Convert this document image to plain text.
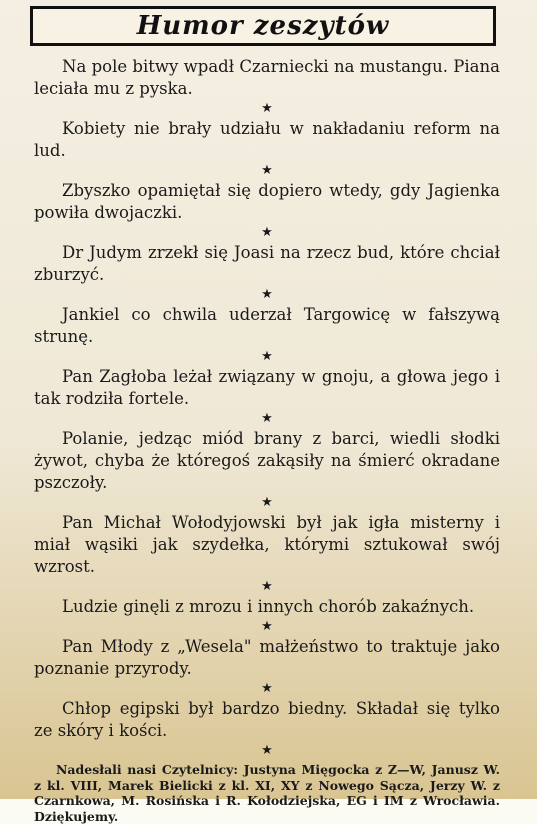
Humor zeszytów

Na pole bitwy wpadł Czarniecki na mustangu. Piana leciała mu z pyska.

★

Kobiety nie brały udziału w nakładaniu reform na lud.

★

Zbyszko opamiętał się dopiero wtedy, gdy Jagienka powiła dwojaczki.

★

Dr Judym zrzekł się Joasi na rzecz bud, które chciał zburzyć.

★

Jankiel co chwila uderzał Targowicę w fałszywą strunę.

★

Pan Zagłoba leżał związany w gnoju, a głowa jego i tak rodziła fortele.

★

Polanie, jedząc miód brany z barci, wiedli słodki żywot, chyba że któregoś zakąsiły na śmierć okradane pszczoły.

★

Pan Michał Wołodyjowski był jak igła misterny i miał wąsiki jak szydełka, którymi sztukował swój wzrost.

★

Ludzie ginęli z mrozu i innych chorób zakaźnych.

★

Pan Młody z „Wesela" małżeństwo to traktuje jako poznanie przyrody.

★

Chłop egipski był bardzo biedny. Składał się tylko ze skóry i kości.

★

Nadesłali nasi Czytelnicy: Justyna Mięgocka z Z—W, Janusz W. z kl. VIII, Marek Bielicki z kl. XI, XY z Nowego Sącza, Jerzy W. z Czarnkowa, M. Rosińska i R. Kołodziejska, EG i IM z Wrocławia. Dziękujemy.
